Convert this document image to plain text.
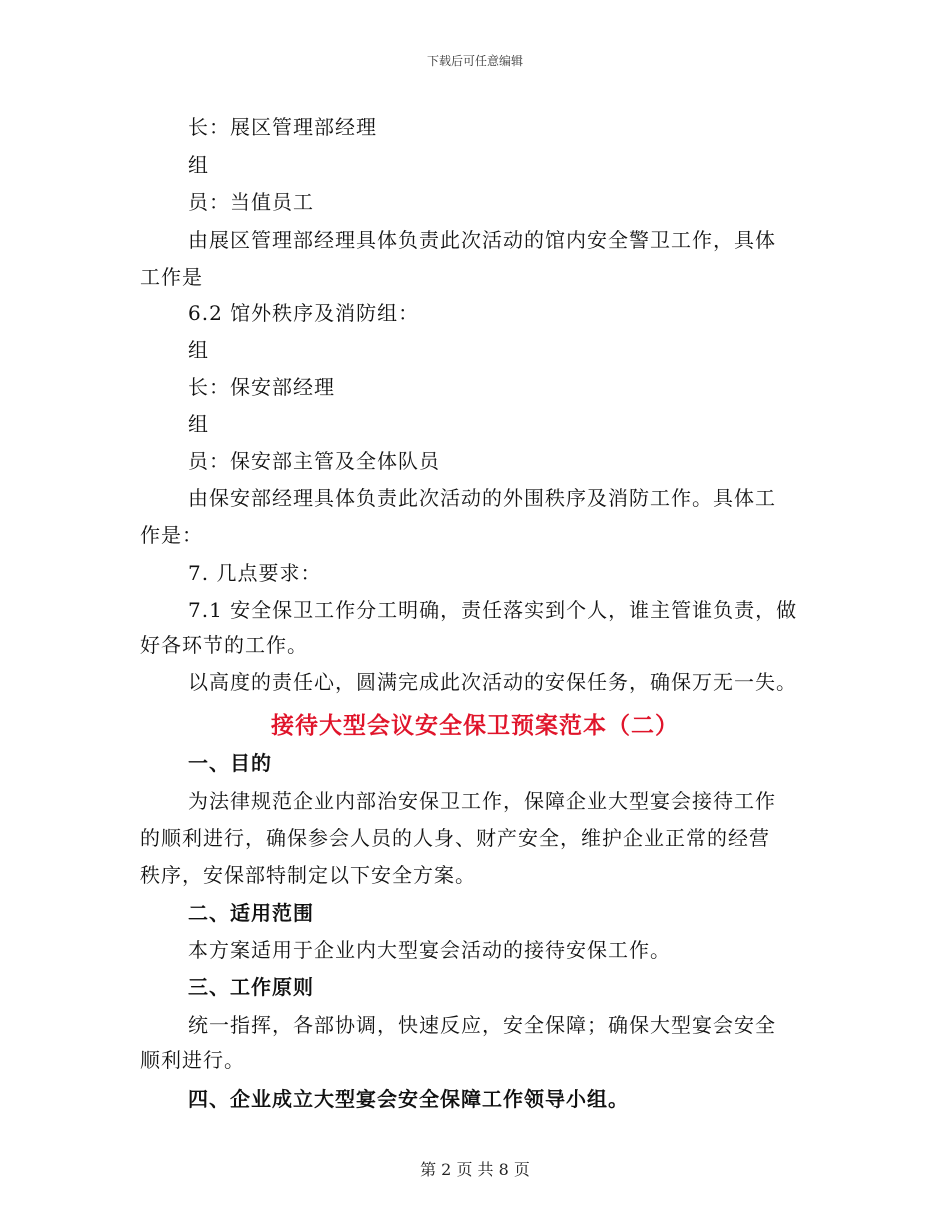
下载后可任意编辑
长：展区管理部经理
组
员：当值员工
由展区管理部经理具体负责此次活动的馆内安全警卫工作，具体
工作是
6.2 馆外秩序及消防组：
组
长：保安部经理
组
员：保安部主管及全体队员
由保安部经理具体负责此次活动的外围秩序及消防工作。具体工
作是：
7. 几点要求：
7.1 安全保卫工作分工明确，责任落实到个人，谁主管谁负责，做
好各环节的工作。
以高度的责任心，圆满完成此次活动的安保任务，确保万无一失。
接待大型会议安全保卫预案范本（二）
一、目的
为法律规范企业内部治安保卫工作，保障企业大型宴会接待工作
的顺利进行，确保参会人员的人身、财产安全，维护企业正常的经营
秩序，安保部特制定以下安全方案。
二、适用范围
本方案适用于企业内大型宴会活动的接待安保工作。
三、工作原则
统一指挥，各部协调，快速反应，安全保障；确保大型宴会安全
顺利进行。
四、企业成立大型宴会安全保障工作领导小组。
第 2 页 共 8 页
